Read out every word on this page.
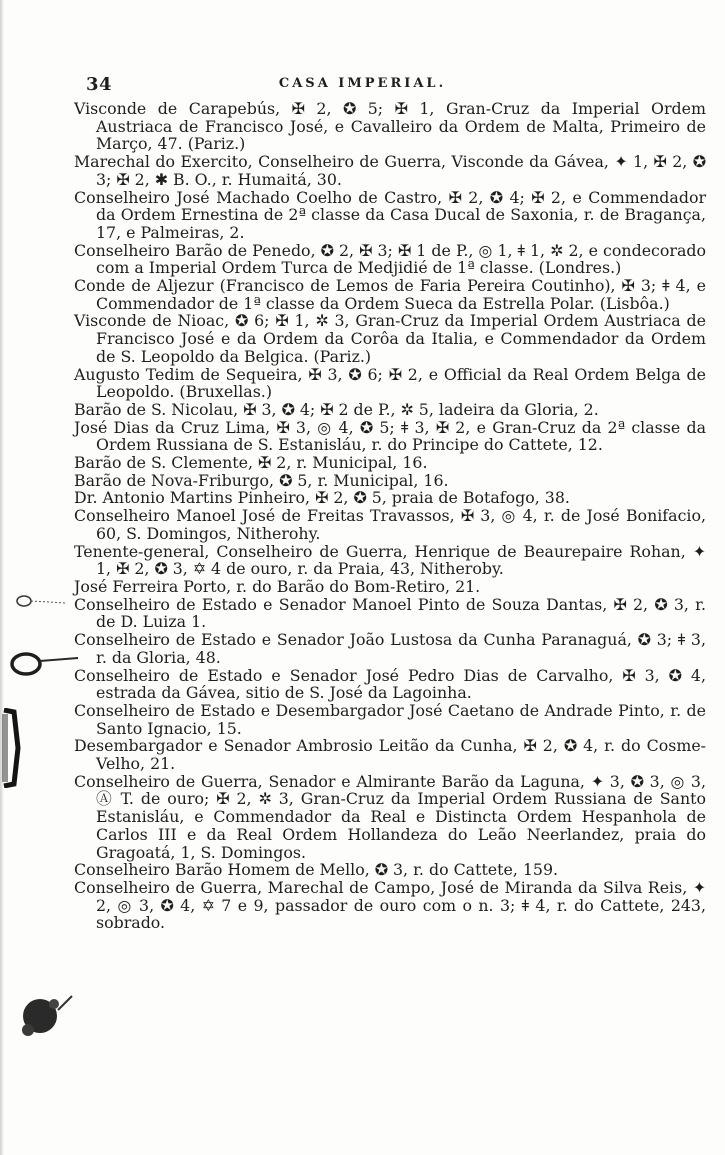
34	CASA IMPERIAL.

Visconde de Carapebús, ✠ 2, ✪ 5; ✠ 1, Gran-Cruz da Imperial Ordem Austriaca de Francisco José, e Cavalleiro da Ordem de Malta, Primeiro de Março, 47. (Pariz.)

Marechal do Exercito, Conselheiro de Guerra, Visconde da Gávea, ✦ 1, ✠ 2, ✪ 3; ✠ 2, ✱ B. O., r. Humaitá, 30.

Conselheiro José Machado Coelho de Castro, ✠ 2, ✪ 4; ✠ 2, e Commendador da Ordem Ernestina de 2ª classe da Casa Ducal de Saxonia, r. de Bragança, 17, e Palmeiras, 2.

Conselheiro Barão de Penedo, ✪ 2, ✠ 3; ✠ 1 de P., ◎ 1, ǂ 1, ✲ 2, e condecorado com a Imperial Ordem Turca de Medjidié de 1ª classe. (Londres.)

Conde de Aljezur (Francisco de Lemos de Faria Pereira Coutinho), ✠ 3; ǂ 4, e Commendador de 1ª classe da Ordem Sueca da Estrella Polar. (Lisbôa.)

Visconde de Nioac, ✪ 6; ✠ 1, ✲ 3, Gran-Cruz da Imperial Ordem Austriaca de Francisco José e da Ordem da Corôa da Italia, e Commendador da Ordem de S. Leopoldo da Belgica. (Pariz.)

Augusto Tedim de Sequeira, ✠ 3, ✪ 6; ✠ 2, e Official da Real Ordem Belga de Leopoldo. (Bruxellas.)

Barão de S. Nicolau, ✠ 3, ✪ 4; ✠ 2 de P., ✲ 5, ladeira da Gloria, 2.

José Dias da Cruz Lima, ✠ 3, ◎ 4, ✪ 5; ǂ 3, ✠ 2, e Gran-Cruz da 2ª classe da Ordem Russiana de S. Estanisláu, r. do Principe do Cattete, 12.

Barão de S. Clemente, ✠ 2, r. Municipal, 16.

Barão de Nova-Friburgo, ✪ 5, r. Municipal, 16.

Dr. Antonio Martins Pinheiro, ✠ 2, ✪ 5, praia de Botafogo, 38.

Conselheiro Manoel José de Freitas Travassos, ✠ 3, ◎ 4, r. de José Bonifacio, 60, S. Domingos, Nitherohy.

Tenente-general, Conselheiro de Guerra, Henrique de Beaurepaire Rohan, ✦ 1, ✠ 2, ✪ 3, ✡ 4 de ouro, r. da Praia, 43, Nitheroby.

José Ferreira Porto, r. do Barão do Bom-Retiro, 21.

Conselheiro de Estado e Senador Manoel Pinto de Souza Dantas, ✠ 2, ✪ 3, r. de D. Luiza 1.

Conselheiro de Estado e Senador João Lustosa da Cunha Paranaguá, ✪ 3; ǂ 3, r. da Gloria, 48.

Conselheiro de Estado e Senador José Pedro Dias de Carvalho, ✠ 3, ✪ 4, estrada da Gávea, sitio de S. José da Lagoinha.

Conselheiro de Estado e Desembargador José Caetano de Andrade Pinto, r. de Santo Ignacio, 15.

Desembargador e Senador Ambrosio Leitão da Cunha, ✠ 2, ✪ 4, r. do Cosme-Velho, 21.

Conselheiro de Guerra, Senador e Almirante Barão da Laguna, ✦ 3, ✪ 3, ◎ 3, Ⓐ T. de ouro; ✠ 2, ✲ 3, Gran-Cruz da Imperial Ordem Russiana de Santo Estanisláu, e Commendador da Real e Distincta Ordem Hespanhola de Carlos III e da Real Ordem Hollandeza do Leão Neerlandez, praia do Gragoatá, 1, S. Domingos.

Conselheiro Barão Homem de Mello, ✪ 3, r. do Cattete, 159.

Conselheiro de Guerra, Marechal de Campo, José de Miranda da Silva Reis, ✦ 2, ◎ 3, ✪ 4, ✡ 7 e 9, passador de ouro com o n. 3; ǂ 4, r. do Cattete, 243, sobrado.
